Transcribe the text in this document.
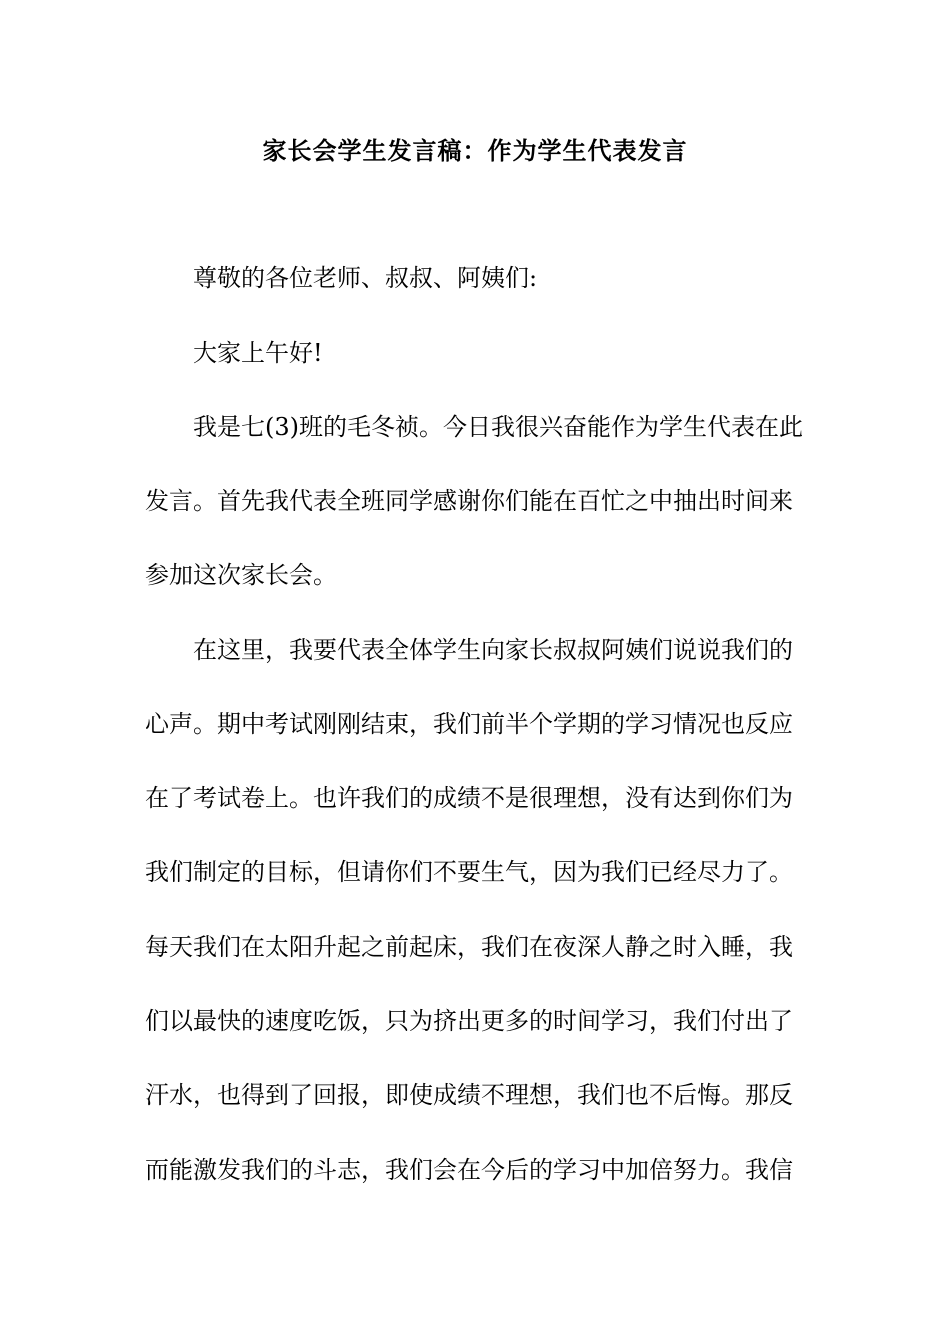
家长会学生发言稿：作为学生代表发言

尊敬的各位老师、叔叔、阿姨们:

大家上午好!

我是七(3)班的毛冬祯。今日我很兴奋能作为学生代表在此

发言。首先我代表全班同学感谢你们能在百忙之中抽出时间来

参加这次家长会。

在这里，我要代表全体学生向家长叔叔阿姨们说说我们的

心声。期中考试刚刚结束，我们前半个学期的学习情况也反应

在了考试卷上。也许我们的成绩不是很理想，没有达到你们为

我们制定的目标，但请你们不要生气，因为我们已经尽力了。

每天我们在太阳升起之前起床，我们在夜深人静之时入睡，我

们以最快的速度吃饭，只为挤出更多的时间学习，我们付出了

汗水，也得到了回报，即使成绩不理想，我们也不后悔。那反

而能激发我们的斗志，我们会在今后的学习中加倍努力。我信
